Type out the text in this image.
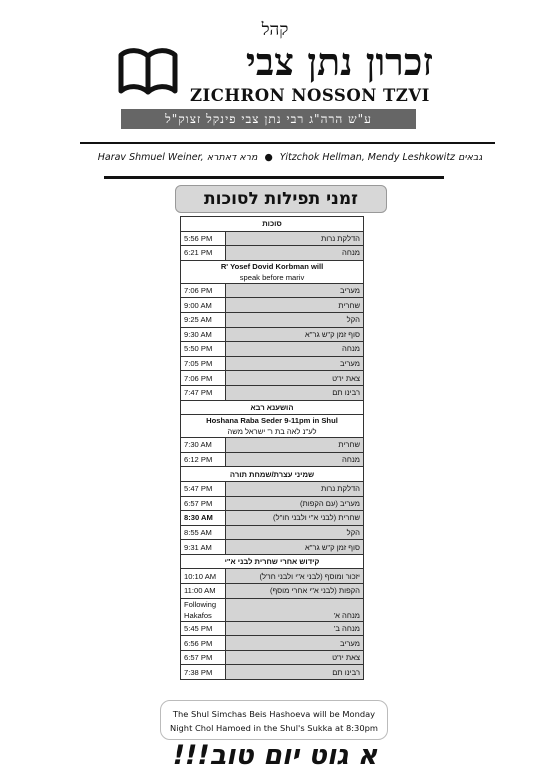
קהל
זכרון נתן צבי
ZICHRON NOSSON TZVI
ע"ש הרה"ג רבי נתן צבי פינקל זצוק"ל
Harav Shmuel Weiner, מרא דאתרא ● Yitzchok Hellman, Mendy Leshkowitz גבאים
זמני תפילות לסוכות
סוכות	
5:56 PM	הדלקת נרות
6:21 PM	מנחה

R' Yosef Dovid Korbman will
speak before mariv	

7:06 PM	מעריב
9:00 AM	שחרית
9:25 AM	הקל
9:30 AM	סוף זמן ק"ש גר"א
5:50 PM	מנחה
7:05 PM	מעריב
7:06 PM	צאת יו"ט
7:47 PM	רבינו תם
הושענא רבא	

Hoshana Raba Seder 9-11pm in Shul
לע"נ לאה בת ר' ישראל משה	

7:30 AM	שחרית
6:12 PM	מנחה
שמיני עצרת/שמחת תורה	
5:47 PM	הדלקת נרות
6:57 PM	מעריב (עם הקפות)
8:30 AM	שחרית (לבני א"י ולבני חו"ל)
8:55 AM	הקל
9:31 AM	סוף זמן ק"ש גר"א
קידוש אחרי שחרית לבני א"י	
10:10 AM	יזכור ומוסף (לבני א"י ולבני חו"ל)
11:00 AM	הקפות (לבני א"י אחרי מוסף)

Following
Hakafos	מנחה א'
5:45 PM	מנחה ב'
6:56 PM	מעריב
6:57 PM	צאת יו"ט
7:38 PM	רבינו תם
The Shul Simchas Beis Hashoeva will be Monday
Night Chol Hamoed in the Shul's Sukka at 8:30pm
א גוט יום טוב!!!
